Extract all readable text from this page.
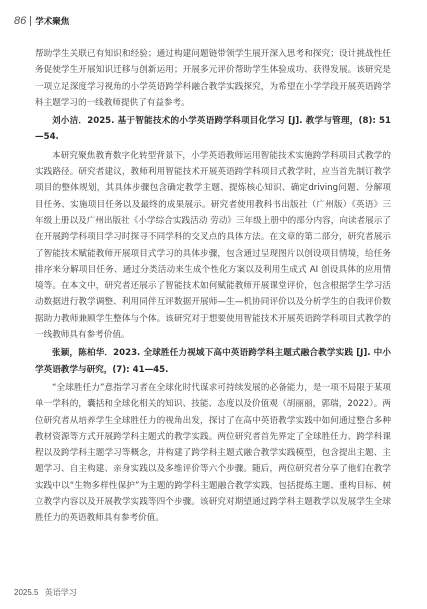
86 学术聚焦

帮助学生关联已有知识和经验；通过构建问题链带领学生展开深入思考和探究；设计挑战性任务促使学生开展知识迁移与创新运用；开展多元评价帮助学生体验成功、获得发展。该研究是一项立足深度学习视角的小学英语跨学科融合教学实践探究，为希望在小学学段开展英语跨学科主题学习的一线教师提供了有益参考。

刘小洁．2025. 基于智能技术的小学英语跨学科项目化学习 [J]. 教学与管理，(8): 51—54.

本研究聚焦教育数字化转型背景下，小学英语教师运用智能技术实施跨学科项目式教学的实践路径。研究者建议，教师利用智能技术开展英语跨学科项目式教学时，应当首先制订教学项目的整体规划，其具体步骤包含确定教学主题、提炼核心知识、确定driving问题、分解项目任务、实施项目任务以及最终的成果展示。研究者使用教科书出版社（广州版）《英语》三年级上册以及广州出版社《小学综合实践活动 劳动》三年级上册中的部分内容，向读者展示了在开展跨学科项目学习时探寻不同学科的交叉点的具体方法。在文章的第二部分，研究者展示了智能技术赋能教师开展项目式学习的具体步骤，包含通过呈现图片以创设项目情境，给任务排序来分解项目任务、通过分类活动来生成个性化方案以及利用生成式 AI 创设具体的应用情境等。在本文中，研究者还展示了智能技术如何赋能教师开展课堂评价，包含根据学生学习活动数据进行教学调整、利用同伴互评数据开展师—生—机协同评价以及分析学生的自我评价数据助力教师兼顾学生整体与个体。该研究对于想要使用智能技术开展英语跨学科项目式教学的一线教师具有参考价值。

张颖，陈柏华．2023. 全球胜任力视域下高中英语跨学科主题式融合教学实践 [J]. 中小学英语教学与研究，(7): 41—45.

“全球胜任力”意指学习者在全球化时代谋求可持续发展的必备能力，是一项不局限于某项单一学科的，囊括和全球化相关的知识、技能、态度以及价值观（胡丽丽，郭瑞，2022）。两位研究者从培养学生全球胜任力的视角出发，探讨了在高中英语教学实践中如何通过整合多种教材资源等方式开展跨学科主题式的教学实践。两位研究者首先界定了全球胜任力、跨学科课程以及跨学科主题学习等概念，并构建了跨学科主题式融合教学实践模型，包含提出主题、主题学习、自主构建、亲身实践以及多维评价等六个步骤。随后，两位研究者分享了他们在教学实践中以“生物多样性保护”为主题的跨学科主题融合教学实践，包括提炼主题、重构目标、树立教学内容以及开展教学实践等四个步骤。该研究对期望通过跨学科主题教学以发展学生全球胜任力的英语教师具有参考价值。

2025.5 英语学习
